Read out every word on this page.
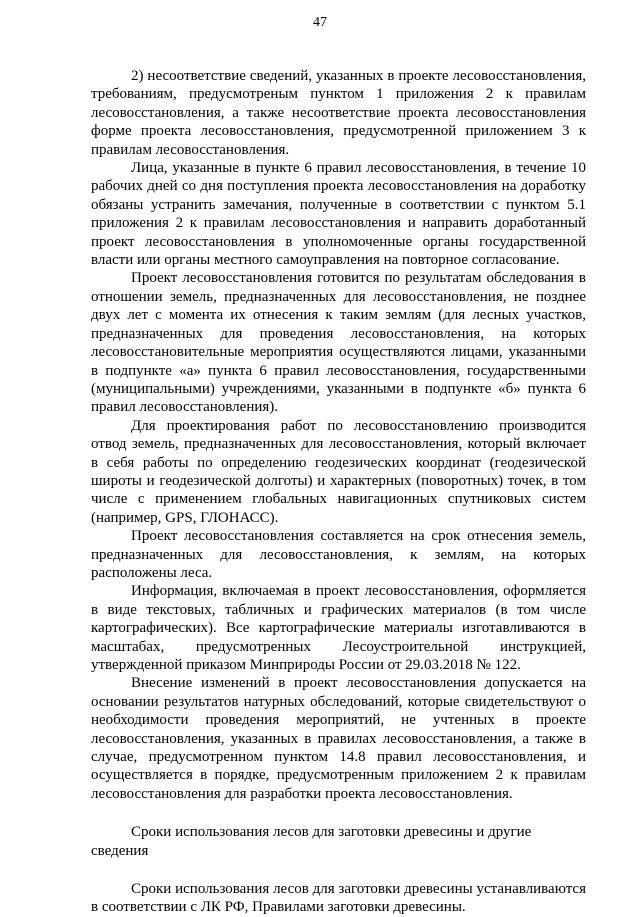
47

2) несоответствие сведений, указанных в проекте лесовосстановления, требованиям, предусмотреным пунктом 1 приложения 2 к правилам лесовосстановления, а также несоответствие проекта лесовосстановления форме проекта лесовосстановления, предусмотренной приложением 3 к правилам лесовосстановления.

Лица, указанные в пункте 6 правил лесовосстановления, в течение 10 рабочих дней со дня поступления проекта лесовосстановления на доработку обязаны устранить замечания, полученные в соответствии с пунктом 5.1 приложения 2 к правилам лесовосстановления и направить доработанный проект лесовосстановления в уполномоченные органы государственной власти или органы местного самоуправления на повторное согласование.

Проект лесовосстановления готовится по результатам обследования в отношении земель, предназначенных для лесовосстановления, не позднее двух лет с момента их отнесения к таким землям (для лесных участков, предназначенных для проведения лесовосстановления, на которых лесовосстановительные мероприятия осуществляются лицами, указанными в подпункте «а» пункта 6 правил лесовосстановления, государственными (муниципальными) учреждениями, указанными в подпункте «б» пункта 6 правил лесовосстановления).

Для проектирования работ по лесовосстановлению производится отвод земель, предназначенных для лесовосстановления, который включает в себя работы по определению геодезических координат (геодезической широты и геодезической долготы) и характерных (поворотных) точек, в том числе с применением глобальных навигационных спутниковых систем (например, GPS, ГЛОНАСС).

Проект лесовосстановления составляется на срок отнесения земель, предназначенных для лесовосстановления, к землям, на которых расположены леса.

Информация, включаемая в проект лесовосстановления, оформляется в виде текстовых, табличных и графических материалов (в том числе картографических). Все картографические материалы изготавливаются в масштабах, предусмотренных Лесоустроительной инструкцией, утвержденной приказом Минприроды России от 29.03.2018 № 122.

Внесение изменений в проект лесовосстановления допускается на основании результатов натурных обследований, которые свидетельствуют о необходимости проведения мероприятий, не учтенных в проекте лесовосстановления, указанных в правилах лесовосстановления, а также в случае, предусмотренном пунктом 14.8 правил лесовосстановления, и осуществляется в порядке, предусмотренным приложением 2 к правилам лесовосстановления для разработки проекта лесовосстановления.

Сроки использования лесов для заготовки древесины и другие сведения

Сроки использования лесов для заготовки древесины устанавливаются в соответствии с ЛК РФ, Правилами заготовки древесины.
